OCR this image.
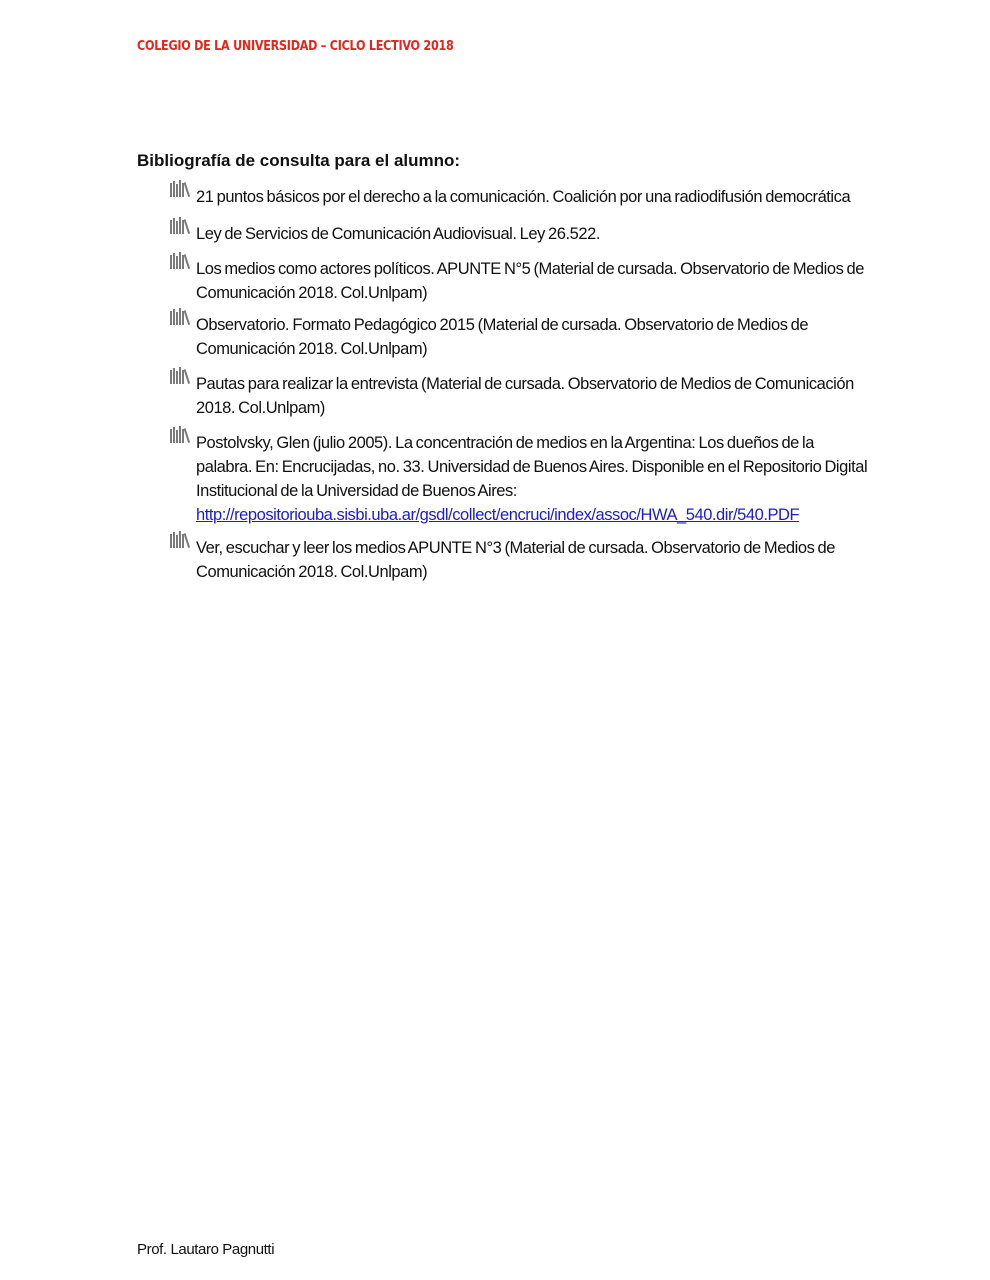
COLEGIO DE LA UNIVERSIDAD – CICLO LECTIVO 2018
Bibliografía de consulta para el alumno:
21 puntos básicos por el derecho a la comunicación. Coalición por una radiodifusión democrática
Ley de Servicios de Comunicación Audiovisual. Ley 26.522.
Los medios como actores políticos. APUNTE N°5 (Material de cursada. Observatorio de Medios de Comunicación 2018. Col.Unlpam)
Observatorio. Formato Pedagógico 2015 (Material de cursada. Observatorio de Medios de Comunicación 2018. Col.Unlpam)
Pautas para realizar la entrevista (Material de cursada. Observatorio de Medios de Comunicación 2018. Col.Unlpam)
Postolvsky, Glen (julio 2005). La concentración de medios en la Argentina: Los dueños de la palabra. En: Encrucijadas, no. 33. Universidad de Buenos Aires. Disponible en el Repositorio Digital Institucional de la Universidad de Buenos Aires:
http://repositoriouba.sisbi.uba.ar/gsdl/collect/encruci/index/assoc/HWA_540.dir/540.PDF
Ver, escuchar y leer los medios APUNTE N°3 (Material de cursada. Observatorio de Medios de Comunicación 2018. Col.Unlpam)
Prof. Lautaro Pagnutti
